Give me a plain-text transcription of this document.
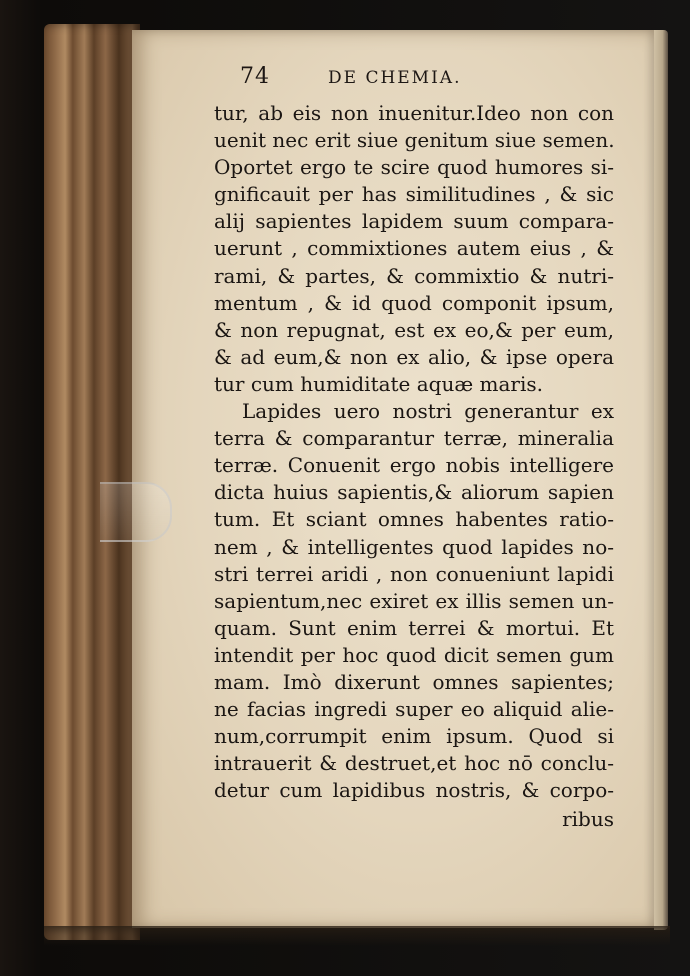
74	DE CHEMIA.
tur, ab eis non inuenitur.Ideo non con
uenit nec erit siue genitum siue semen.
Oportet ergo te scire quod humores si-
gnificauit per has similitudines , & sic
alij sapientes lapidem suum compara-
uerunt , commixtiones autem eius , &
rami, & partes, & commixtio & nutri-
mentum , & id quod componit ipsum,
& non repugnat, est ex eo,& per eum,
& ad eum,& non ex alio, & ipse opera
tur cum humiditate aquæ maris.
Lapides uero nostri generantur ex
terra & comparantur terræ, mineralia
terræ. Conuenit ergo nobis intelligere
dicta huius sapientis,& aliorum sapien
tum. Et sciant omnes habentes ratio-
nem , & intelligentes quod lapides no-
stri terrei aridi , non conueniunt lapidi
sapientum,nec exiret ex illis semen un-
quam. Sunt enim terrei & mortui. Et
intendit per hoc quod dicit semen gum
mam. Imò dixerunt omnes sapientes;
ne facias ingredi super eo aliquid alie-
num,corrumpit enim ipsum. Quod si
intrauerit & destruet,et hoc nō conclu-
detur cum lapidibus nostris, & corpo-
ribus
